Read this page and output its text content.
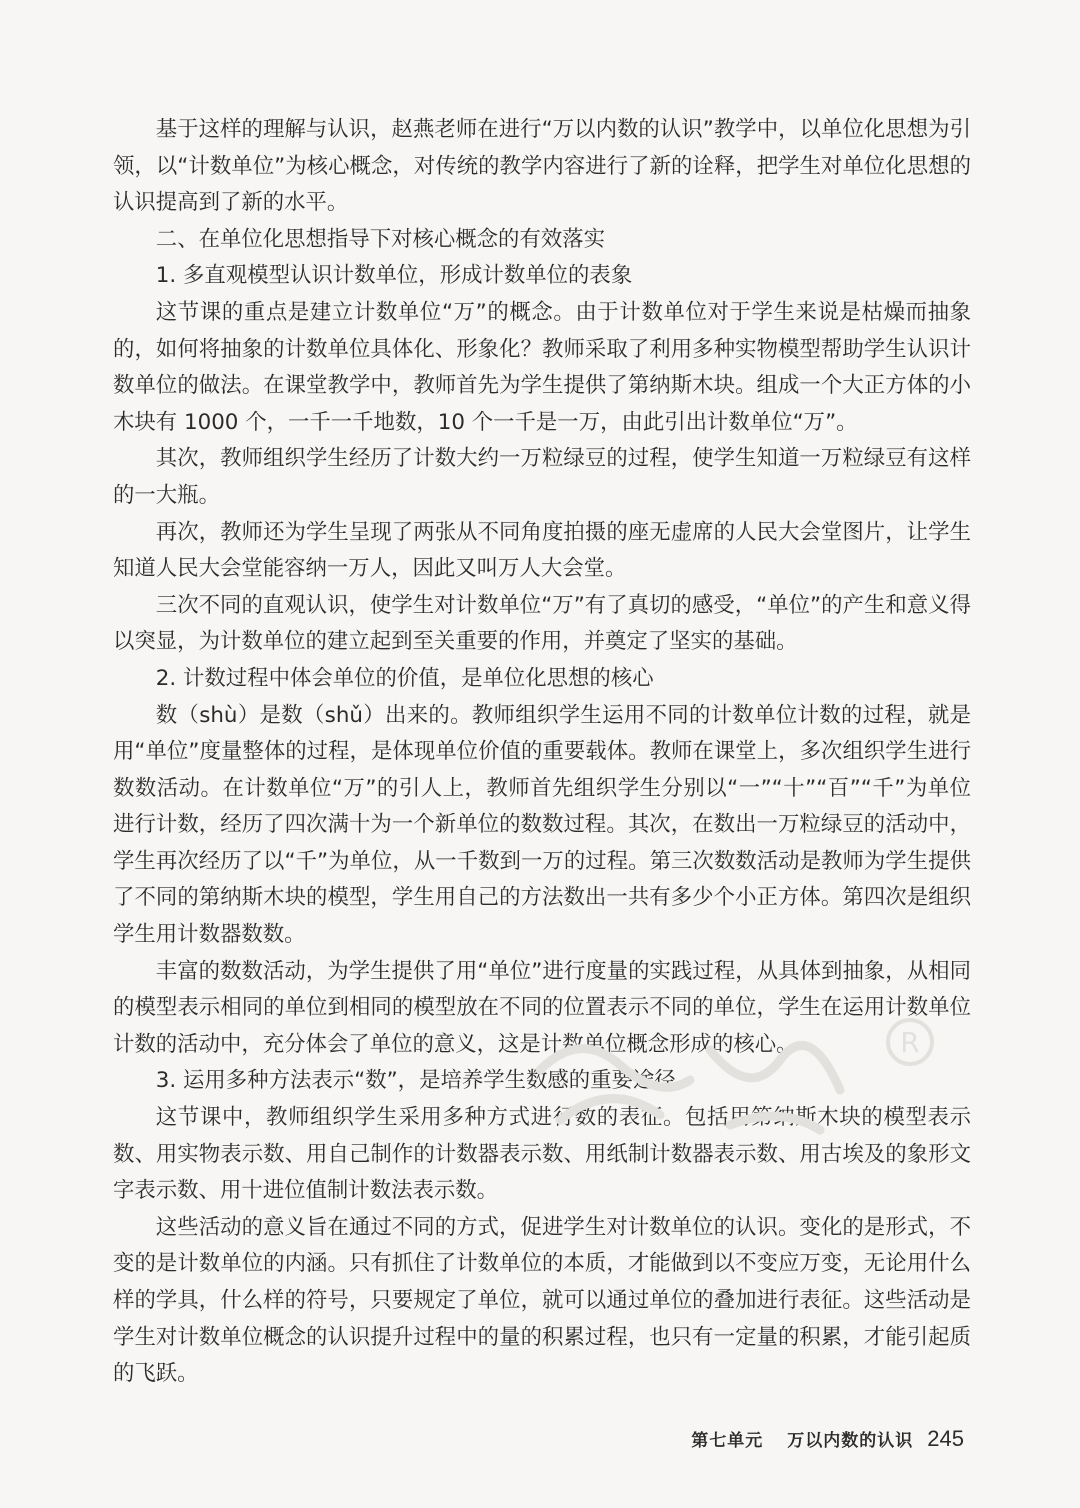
基于这样的理解与认识，赵燕老师在进行“万以内数的认识”教学中，以单位化思想为引领，以“计数单位”为核心概念，对传统的教学内容进行了新的诠释，把学生对单位化思想的认识提高到了新的水平。

二、在单位化思想指导下对核心概念的有效落实

1. 多直观模型认识计数单位，形成计数单位的表象

这节课的重点是建立计数单位“万”的概念。由于计数单位对于学生来说是枯燥而抽象的，如何将抽象的计数单位具体化、形象化？教师采取了利用多种实物模型帮助学生认识计数单位的做法。在课堂教学中，教师首先为学生提供了第纳斯木块。组成一个大正方体的小木块有 1000 个，一千一千地数，10 个一千是一万，由此引出计数单位“万”。

其次，教师组织学生经历了计数大约一万粒绿豆的过程，使学生知道一万粒绿豆有这样的一大瓶。

再次，教师还为学生呈现了两张从不同角度拍摄的座无虚席的人民大会堂图片，让学生知道人民大会堂能容纳一万人，因此又叫万人大会堂。

三次不同的直观认识，使学生对计数单位“万”有了真切的感受，“单位”的产生和意义得以突显，为计数单位的建立起到至关重要的作用，并奠定了坚实的基础。

2. 计数过程中体会单位的价值，是单位化思想的核心

数（shù）是数（shǔ）出来的。教师组织学生运用不同的计数单位计数的过程，就是用“单位”度量整体的过程，是体现单位价值的重要载体。教师在课堂上，多次组织学生进行数数活动。在计数单位“万”的引人上，教师首先组织学生分别以“一”“十”“百”“千”为单位进行计数，经历了四次满十为一个新单位的数数过程。其次，在数出一万粒绿豆的活动中，学生再次经历了以“千”为单位，从一千数到一万的过程。第三次数数活动是教师为学生提供了不同的第纳斯木块的模型，学生用自己的方法数出一共有多少个小正方体。第四次是组织学生用计数器数数。

丰富的数数活动，为学生提供了用“单位”进行度量的实践过程，从具体到抽象，从相同的模型表示相同的单位到相同的模型放在不同的位置表示不同的单位，学生在运用计数单位计数的活动中，充分体会了单位的意义，这是计数单位概念形成的核心。

3. 运用多种方法表示“数”，是培养学生数感的重要途径

这节课中，教师组织学生采用多种方式进行数的表征。包括用第纳斯木块的模型表示数、用实物表示数、用自己制作的计数器表示数、用纸制计数器表示数、用古埃及的象形文字表示数、用十进位值制计数法表示数。

这些活动的意义旨在通过不同的方式，促进学生对计数单位的认识。变化的是形式，不变的是计数单位的内涵。只有抓住了计数单位的本质，才能做到以不变应万变，无论用什么样的学具，什么样的符号，只要规定了单位，就可以通过单位的叠加进行表征。这些活动是学生对计数单位概念的认识提升过程中的量的积累过程，也只有一定量的积累，才能引起质的飞跃。

R
第七单元 万以内数的认识 245
